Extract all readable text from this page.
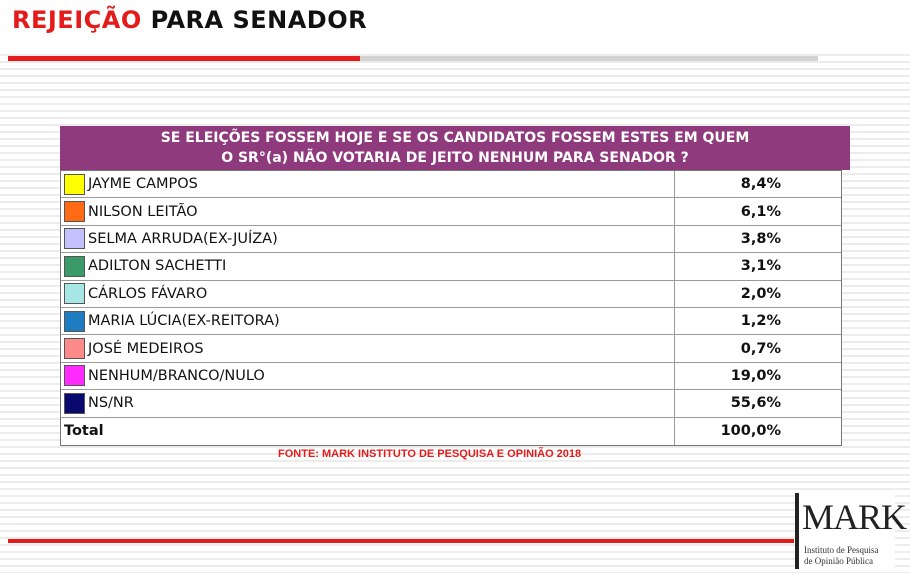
REJEIÇÃO PARA SENADOR
SE ELEIÇÕES FOSSEM HOJE E SE OS CANDIDATOS FOSSEM ESTES EM QUEM
O SR°(a) NÃO VOTARIA DE JEITO NENHUM PARA SENADOR ?
JAYME CAMPOS	8,4%
NILSON LEITÃO	6,1%
SELMA ARRUDA(EX-JUÍZA)	3,8%
ADILTON SACHETTI	3,1%
CÁRLOS FÁVARO	2,0%
MARIA LÚCIA(EX-REITORA)	1,2%
JOSÉ MEDEIROS	0,7%
NENHUM/BRANCO/NULO	19,0%
NS/NR	55,6%
Total	100,0%
FONTE: MARK INSTITUTO DE PESQUISA E OPINIÃO 2018
MARK
Instituto de Pesquisa
de Opinião Pública
